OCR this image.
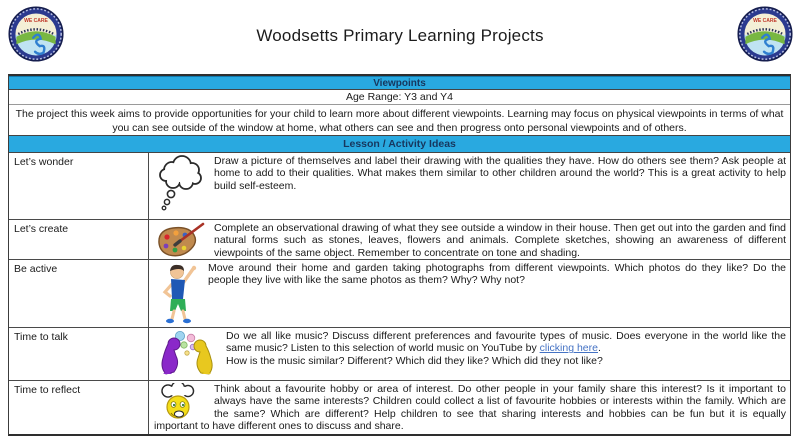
WE CARE
Woodsetts Primary Learning Projects
WE CARE
Viewpoints
Age Range: Y3 and Y4
The project this week aims to provide opportunities for your child to learn more about different viewpoints. Learning may focus on physical viewpoints in terms of what you can see outside of the window at home, what others can see and then progress onto personal viewpoints and of others.
Lesson / Activity Ideas
Let’s wonder	Draw a picture of themselves and label their drawing with the qualities they have. How do others see them? Ask people at home to add to their qualities. What makes them similar to other children around the world? This is a great activity to help build self-esteem.
Let’s create	Complete an observational drawing of what they see outside a window in their house. Then get out into the garden and find natural forms such as stones, leaves, flowers and animals. Complete sketches, showing an awareness of different viewpoints of the same object. Remember to concentrate on tone and shading.
Be active	Move around their home and garden taking photographs from different viewpoints. Which photos do they like? Do the people they live with like the same photos as them? Why? Why not?
Time to talk	Do we all like music? Discuss different preferences and favourite types of music. Does everyone in the world like the same music? Listen to this selection of world music on YouTube by clicking here.
How is the music similar? Different? Which did they like? Which did they not like?
Time to reflect	Think about a favourite hobby or area of interest. Do other people in your family share this interest? Is it important to always have the same interests? Children could collect a list of favourite hobbies or interests within the family. Which are the same? Which are different? Help children to see that sharing interests and hobbies can be fun but it is equally important to have different ones to discuss and share.
